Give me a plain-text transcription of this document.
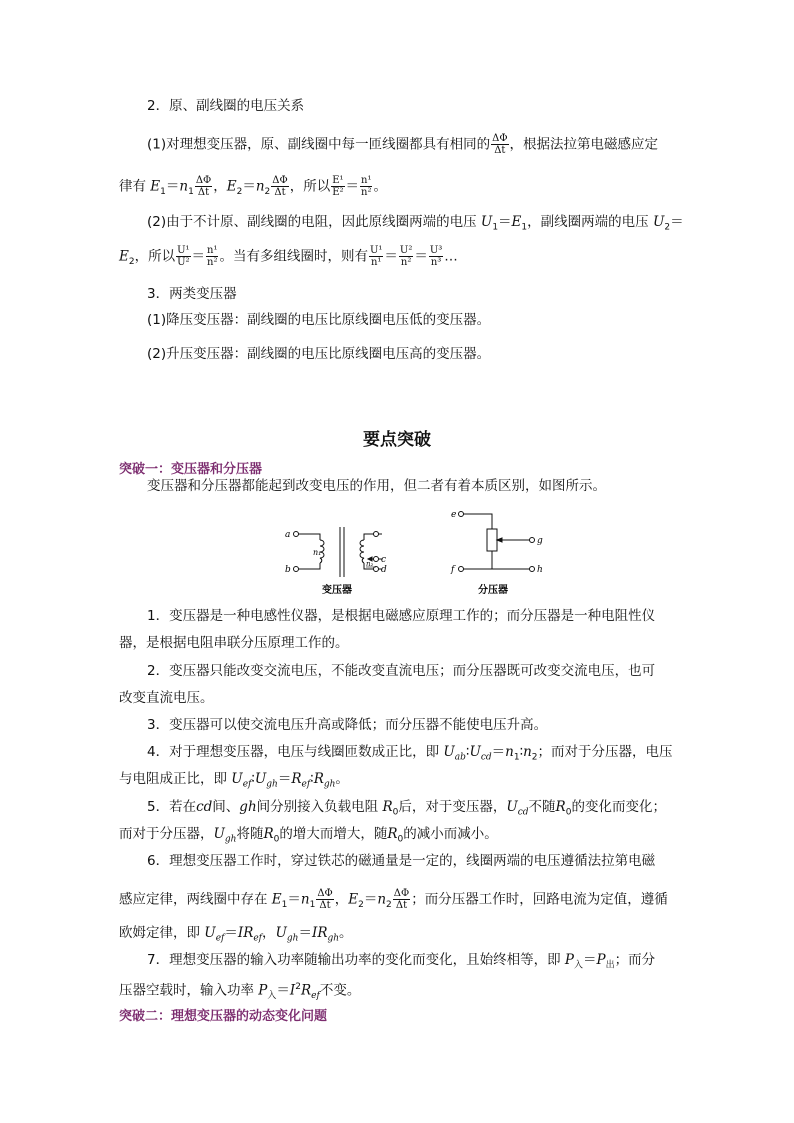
2．原、副线圈的电压关系
(1)对理想变压器，原、副线圈中每一匝线圈都具有相同的 $\frac{\Delta\Phi}{\Delta t}$ ，根据法拉第电磁感应定
律有 $E_1=n_1 \frac{\Delta\Phi}{\Delta t}$ ，$E_2=n_2 \frac{\Delta\Phi}{\Delta t}$ ，所以 $\frac{\text{E¹}}{\text{E²}} = \frac{\text{n¹}}{\text{n²}}$ 。
(2)由于不计原、副线圈的电阻，因此原线圈两端的电压 $U_1=E_1$，副线圈两端的电压 $U_2=$
$E_2$，所以 $\frac{\text{U¹}}{\text{U²}} = \frac{\text{n¹}}{\text{n²}}$ 。当有多组线圈时，则有 $\frac{\text{U¹}}{\text{n¹}} = \frac{\text{U²}}{\text{n²}} = \frac{\text{U³}}{\text{n³}}$ …
3．两类变压器
(1)降压变压器：副线圈的电压比原线圈电压低的变压器。
(2)升压变压器：副线圈的电压比原线圈电压高的变压器。
要点突破
突破一：变压器和分压器
变压器和分压器都能起到改变电压的作用，但二者有着本质区别，如图所示。
a
b
n₁
n₂ c
d
变压器
e
f
g
h
分压器
1．变压器是一种电感性仪器，是根据电磁感应原理工作的；而分压器是一种电阻性仪
器，是根据电阻串联分压原理工作的。
2．变压器只能改变交流电压，不能改变直流电压；而分压器既可改变交流电压，也可
改变直流电压。
3．变压器可以使交流电压升高或降低；而分压器不能使电压升高。
4．对于理想变压器，电压与线圈匝数成正比，即 $U_{ab}∶U_{cd}=n_1∶n_2$；而对于分压器，电压
与电阻成正比，即 $U_{ef}∶U_{gh}=R_{ef}∶R_{gh}$。
5．若在cd间、gh间分别接入负载电阻 $R_0$后，对于变压器，$U_{cd}$不随$R_0$的变化而变化；
而对于分压器，$U_{gh}$将随$R_0$的增大而增大，随$R_0$的减小而减小。
6．理想变压器工作时，穿过铁芯的磁通量是一定的，线圈两端的电压遵循法拉第电磁
感应定律，两线圈中存在 $E_1=n_1 \frac{\Delta\Phi}{\Delta t}$ ，$E_2=n_2 \frac{\Delta\Phi}{\Delta t}$ ；而分压器工作时，回路电流为定值，遵循
欧姆定律，即 $U_{ef}=IR_{ef}$，$U_{gh}=IR_{gh}$。
7．理想变压器的输入功率随输出功率的变化而变化，且始终相等，即 $P_入=P_出$；而分
压器空载时，输入功率 $P_入=I^2R_{ef}$不变。
突破二：理想变压器的动态变化问题
